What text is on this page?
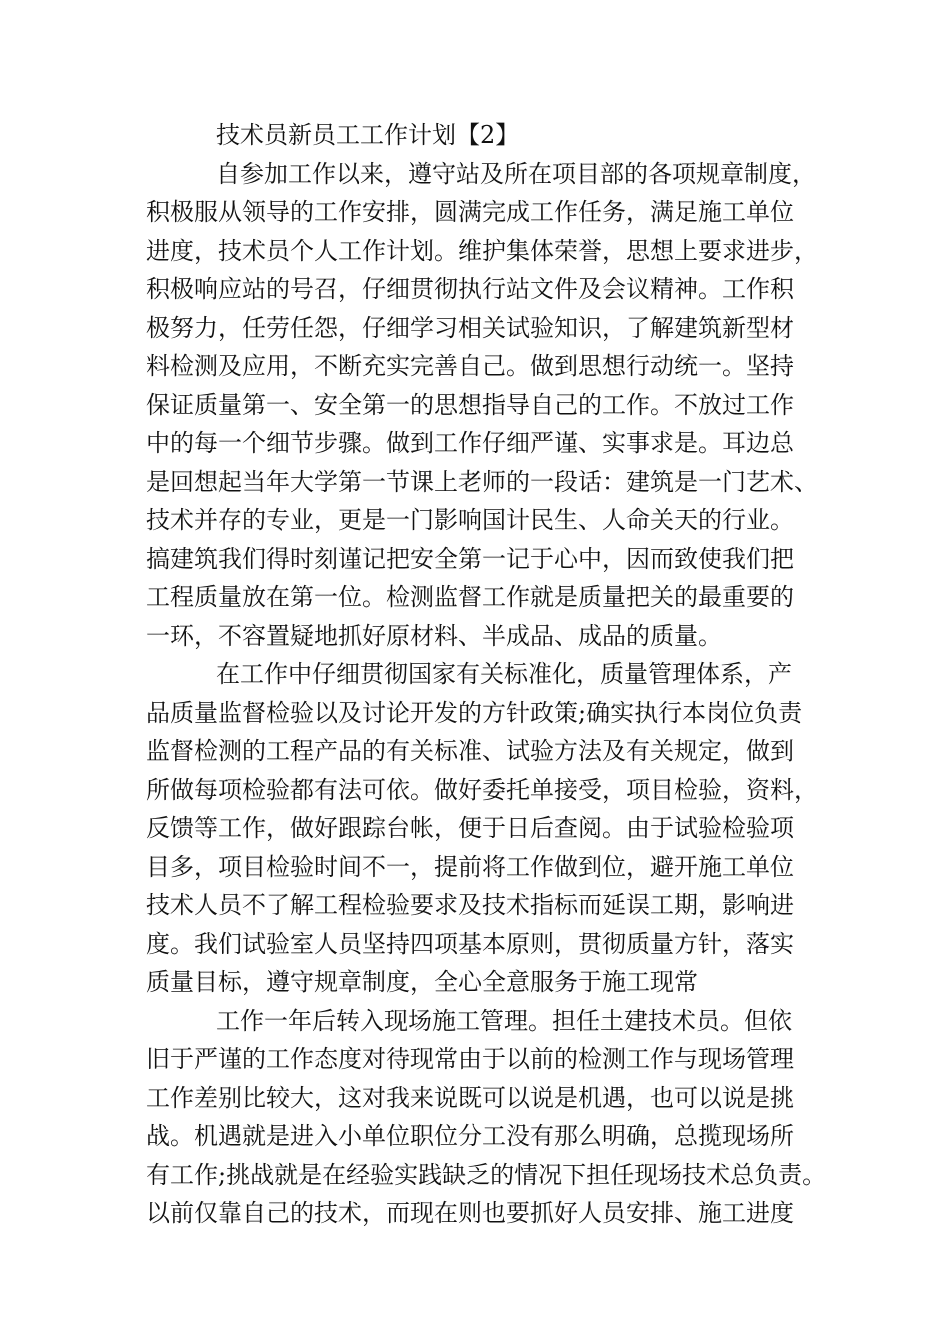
技术员新员工工作计划【2】
自参加工作以来，遵守站及所在项目部的各项规章制度，
积极服从领导的工作安排，圆满完成工作任务，满足施工单位
进度，技术员个人工作计划。维护集体荣誉，思想上要求进步，
积极响应站的号召，仔细贯彻执行站文件及会议精神。工作积
极努力，任劳任怨，仔细学习相关试验知识，了解建筑新型材
料检测及应用，不断充实完善自己。做到思想行动统一。坚持
保证质量第一、安全第一的思想指导自己的工作。不放过工作
中的每一个细节步骤。做到工作仔细严谨、实事求是。耳边总
是回想起当年大学第一节课上老师的一段话：建筑是一门艺术、
技术并存的专业，更是一门影响国计民生、人命关天的行业。
搞建筑我们得时刻谨记把安全第一记于心中，因而致使我们把
工程质量放在第一位。检测监督工作就是质量把关的最重要的
一环，不容置疑地抓好原材料、半成品、成品的质量。
在工作中仔细贯彻国家有关标准化，质量管理体系，产
品质量监督检验以及讨论开发的方针政策;确实执行本岗位负责
监督检测的工程产品的有关标准、试验方法及有关规定，做到
所做每项检验都有法可依。做好委托单接受，项目检验，资料，
反馈等工作，做好跟踪台帐，便于日后查阅。由于试验检验项
目多，项目检验时间不一，提前将工作做到位，避开施工单位
技术人员不了解工程检验要求及技术指标而延误工期，影响进
度。我们试验室人员坚持四项基本原则，贯彻质量方针，落实
质量目标，遵守规章制度，全心全意服务于施工现常
工作一年后转入现场施工管理。担任土建技术员。但依
旧于严谨的工作态度对待现常由于以前的检测工作与现场管理
工作差别比较大，这对我来说既可以说是机遇，也可以说是挑
战。机遇就是进入小单位职位分工没有那么明确，总揽现场所
有工作;挑战就是在经验实践缺乏的情况下担任现场技术总负责。
以前仅靠自己的技术，而现在则也要抓好人员安排、施工进度
